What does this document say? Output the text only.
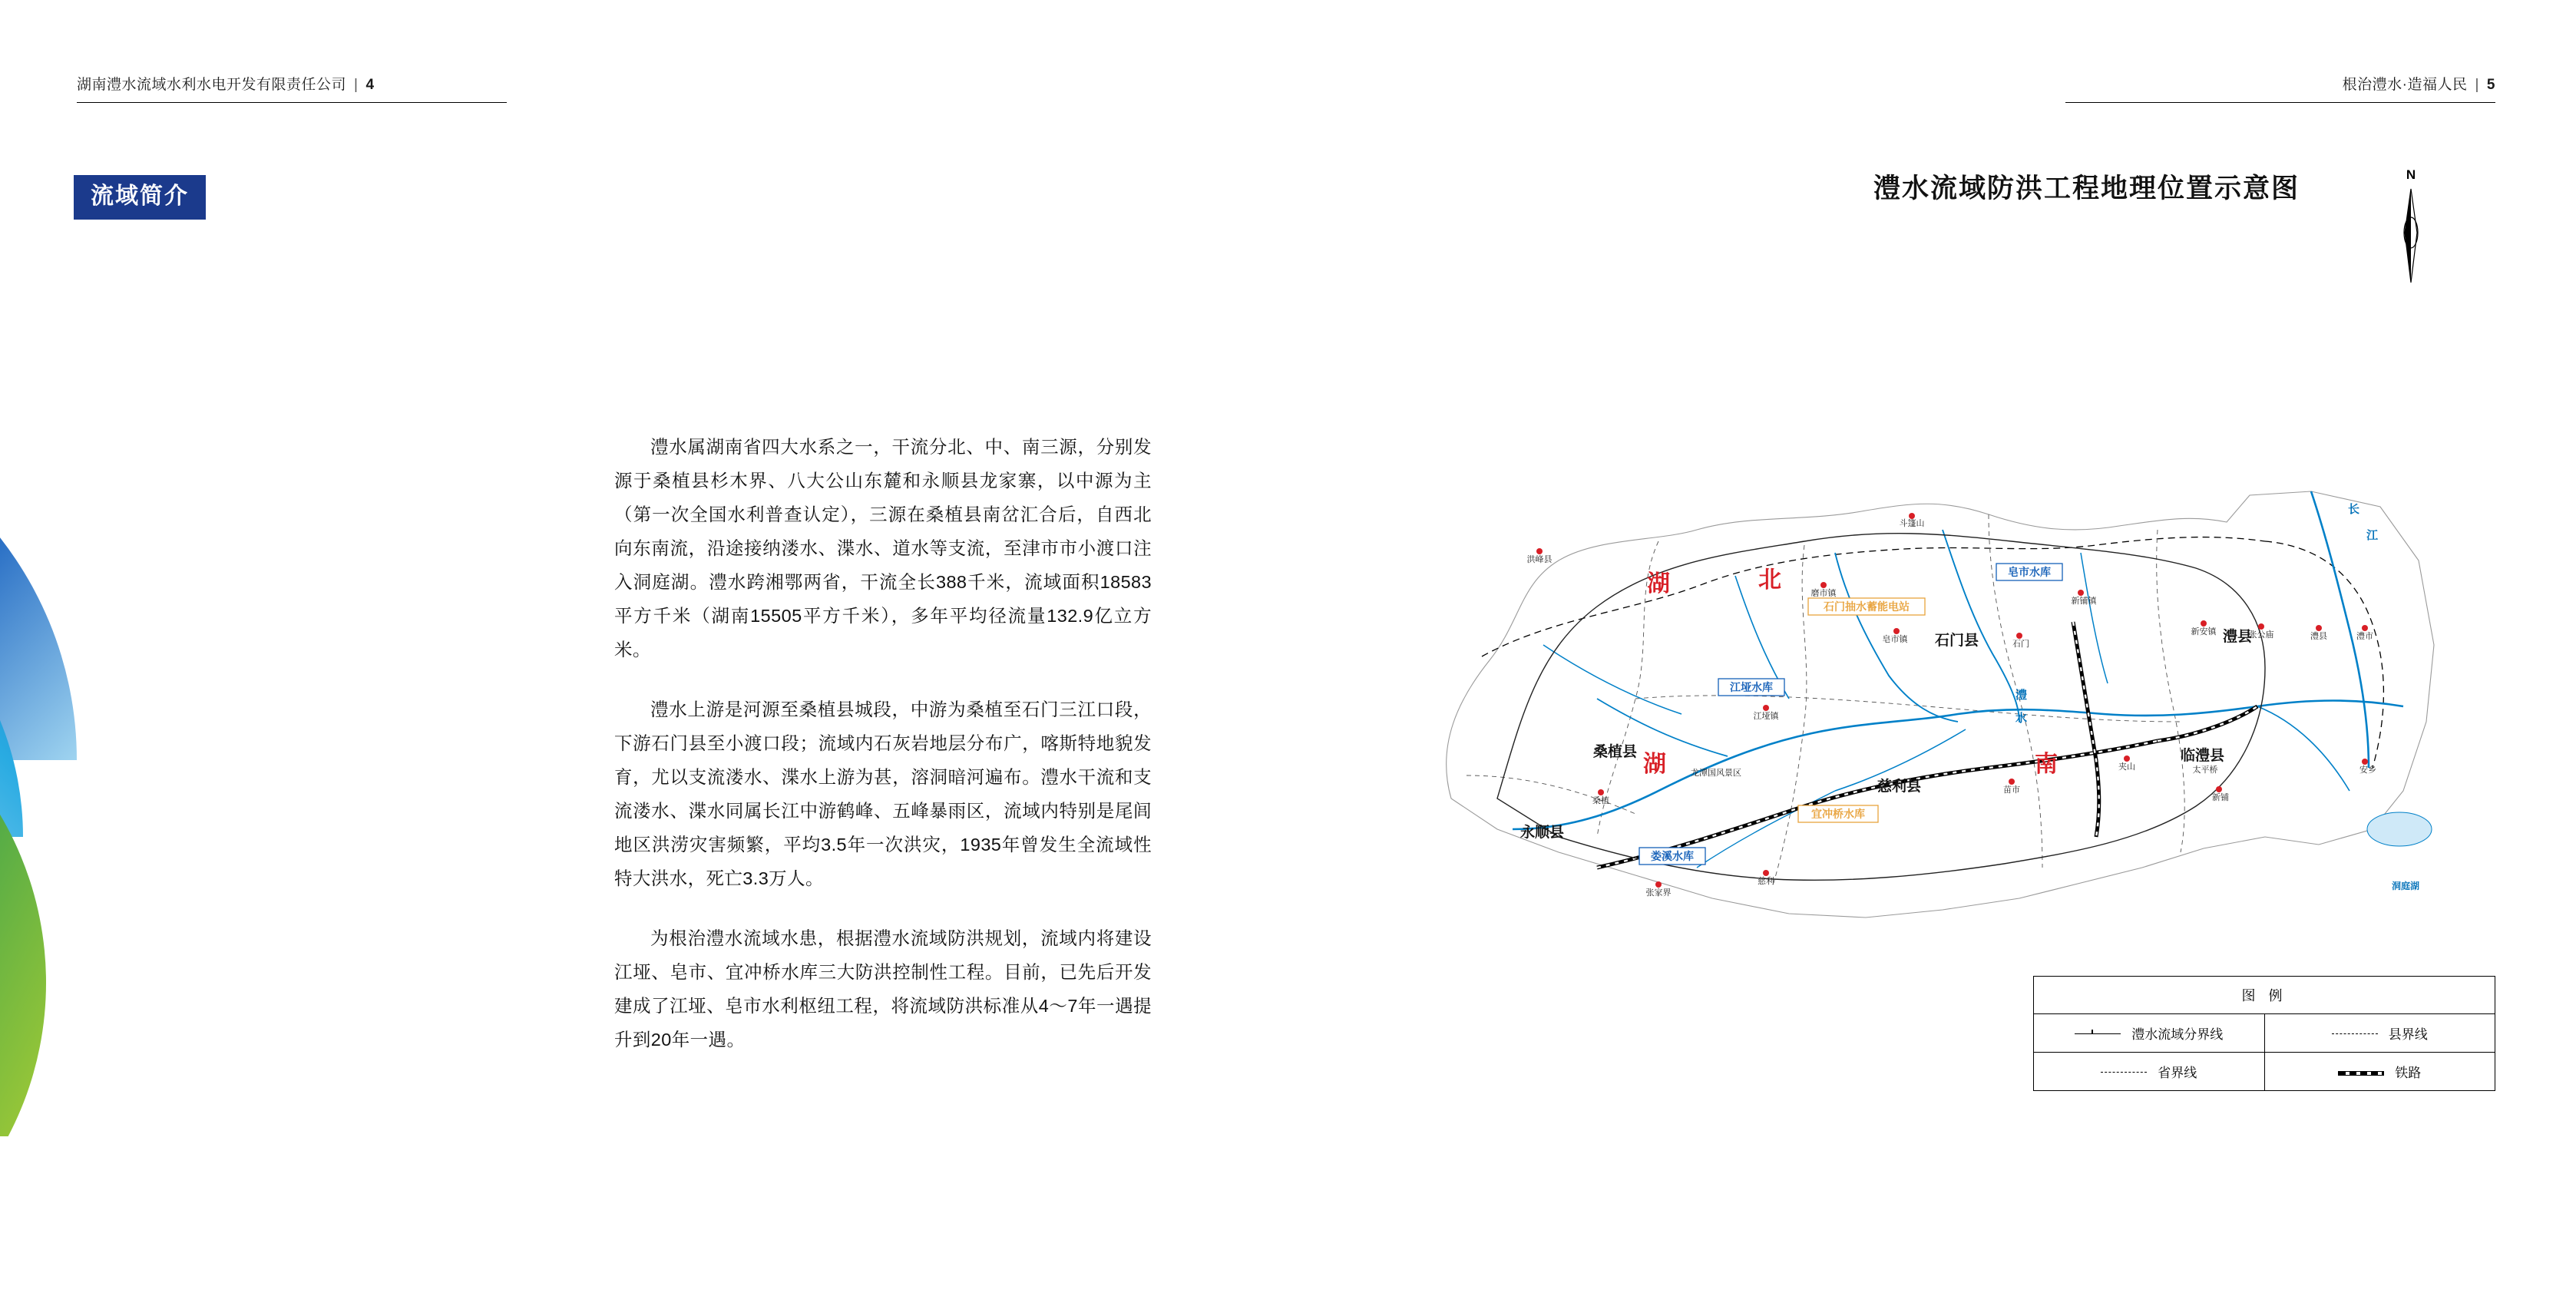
湖南澧水流域水利水电开发有限责任公司 | 4
流域简介

澧水属湖南省四大水系之一，干流分北、中、南三源，分别发源于桑植县杉木界、八大公山东麓和永顺县龙家寨，以中源为主（第一次全国水利普查认定），三源在桑植县南岔汇合后，自西北向东南流，沿途接纳溇水、渫水、道水等支流，至津市市小渡口注入洞庭湖。澧水跨湘鄂两省，干流全长388千米，流域面积18583平方千米（湖南15505平方千米），多年平均径流量132.9亿立方米。

澧水上游是河源至桑植县城段，中游为桑植至石门三江口段，下游石门县至小渡口段；流域内石灰岩地层分布广，喀斯特地貌发育，尤以支流溇水、渫水上游为甚，溶洞暗河遍布。澧水干流和支流溇水、渫水同属长江中游鹤峰、五峰暴雨区，流域内特别是尾闾地区洪涝灾害频繁，平均3.5年一次洪灾，1935年曾发生全流域性特大洪水，死亡3.3万人。

为根治澧水流域水患，根据澧水流域防洪规划，流域内将建设江垭、皂市、宜冲桥水库三大防洪控制性工程。目前，已先后开发建成了江垭、皂市水利枢纽工程，将流域防洪标准从4～7年一遇提升到20年一遇。

根治澧水·造福人民 | 5
澧水流域防洪工程地理位置示意图	N
湖	北
湖	南
石门县	澧县
桑植县
慈利县
临澧县
永顺县
皂市水库
江垭水库
宜冲桥水库
娄溪水库
石门抽水蓄能电站
斗篷山
洪峰县
磨市镇
新铺镇
皂市镇	石门
新安镇	张公庙	澧县	澧市
江垭镇
桑植
龙潭国风景区
夹山	太平桥
苗市
新铺
安乡
张家界
慈利
澧
水
长
江
洞庭湖
图 例
澧水流域分界线	县界线
省界线	铁路
